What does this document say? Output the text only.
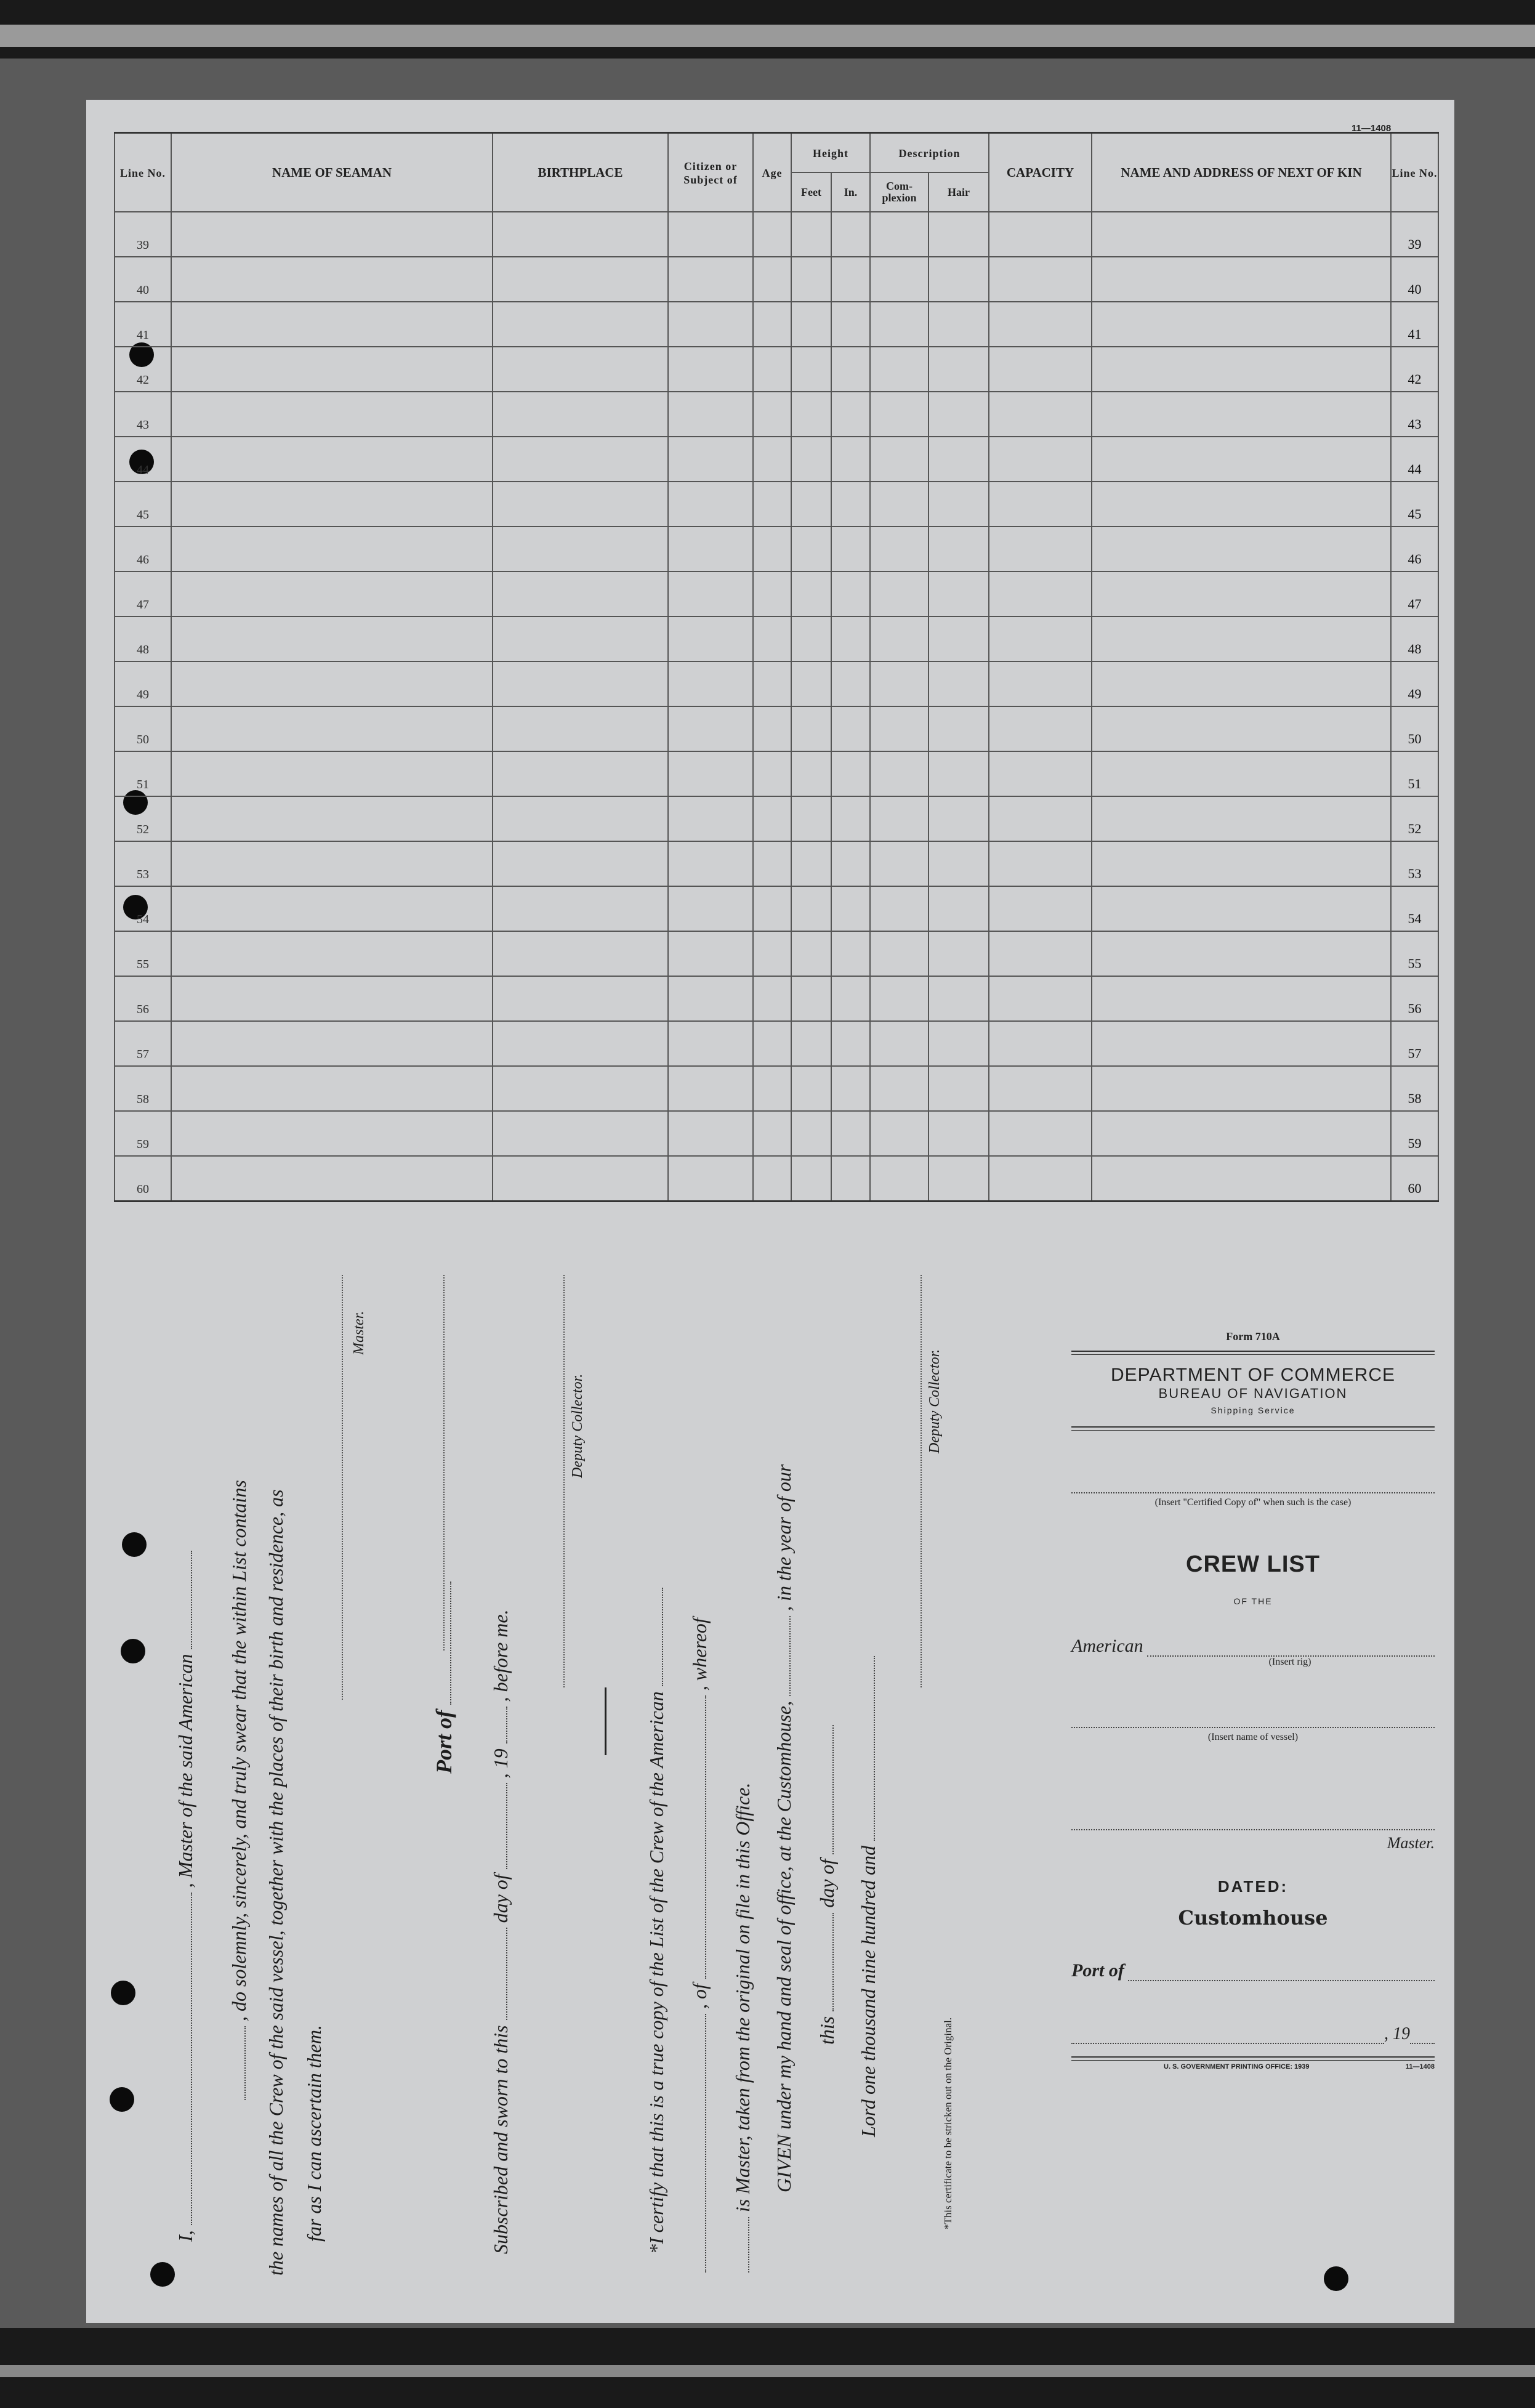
11—1408
Line No.	NAME OF SEAMAN	BIRTHPLACE	Citizen or Subject of	Age	Height		Description		CAPACITY	NAME AND ADDRESS OF NEXT OF KIN	Line No.
					Feet	In.	Com-plexion	Hair			

39											39
40											40
41											41
42											42
43											43
44											44
45											45
46											46
47											47
48											48
49											49
50											50
51											51
52											52
53											53
54											54
55											55
56											56
57											57
58											58
59											59
60											60
I,  , Master of the said American , do solemnly, sincerely, and truly swear that the within List contains the names of all the Crew of the said vessel, together with the places of their birth and residence, as far as I can ascertain them.
Master.
Port of
Subscribed and sworn to this  day of  , 19  , before me.
Deputy Collector.
*I certify that this is a true copy of the List of the Crew of the American , of  , whereof
is Master, taken from the original on file in this Office. GIVEN under my hand and seal of office, at the Customhouse,  , in the year of our
this  day of Lord one thousand nine hundred and
Deputy Collector.
*This certificate to be stricken out on the Original.
Form 710A
DEPARTMENT OF COMMERCE
BUREAU OF NAVIGATION
Shipping Service
(Insert "Certified Copy of" when such is the case)
CREW LIST
OF THE
American
(Insert rig)
(Insert name of vessel)
Master.
DATED:
Customhouse
Port of
, 19
U. S. GOVERNMENT PRINTING OFFICE: 1939	11—1408
